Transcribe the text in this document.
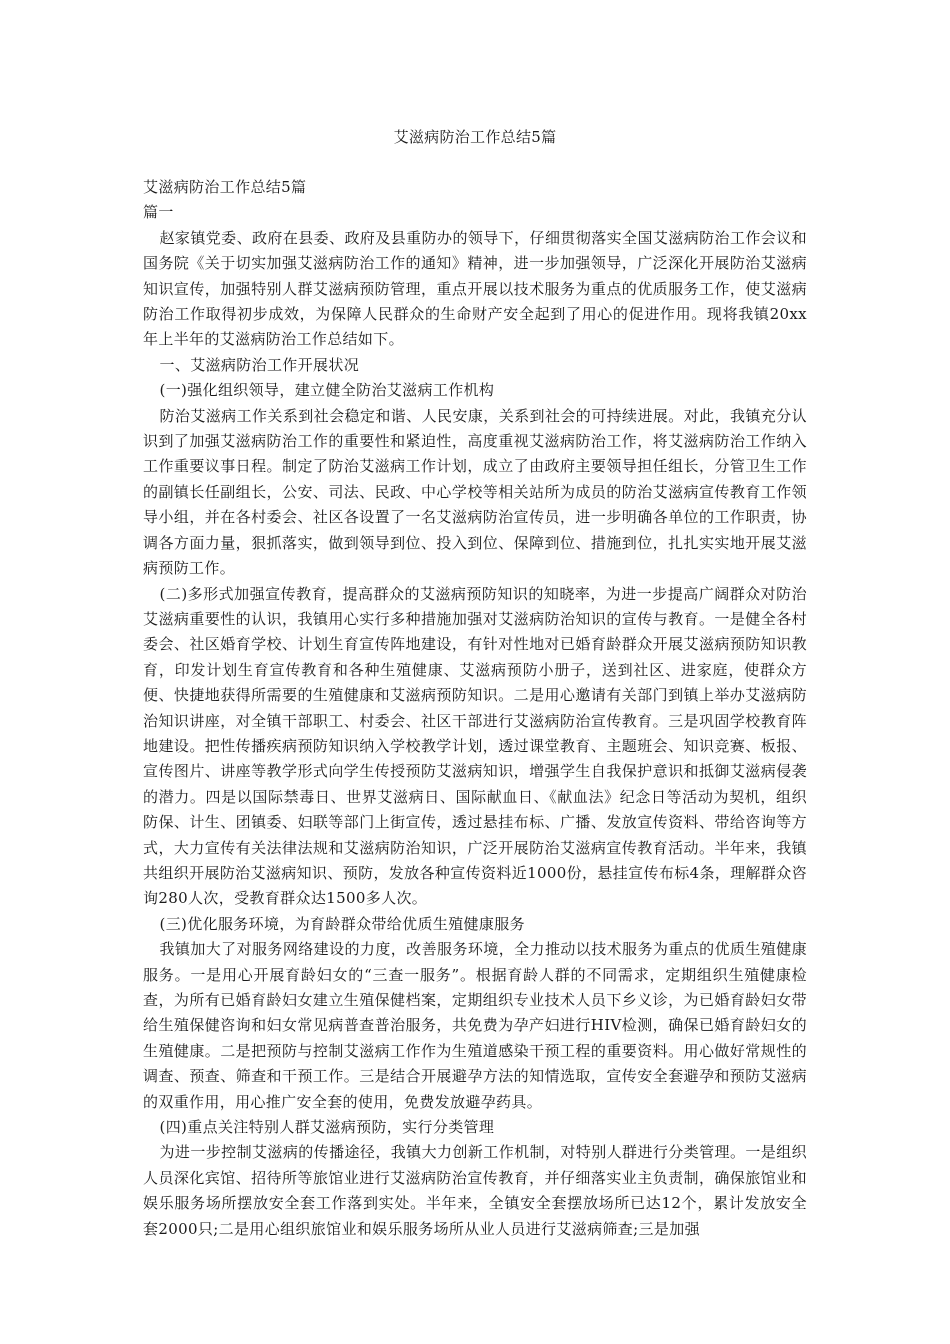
艾滋病防治工作总结5篇

艾滋病防治工作总结5篇

篇一

赵家镇党委、政府在县委、政府及县重防办的领导下，仔细贯彻落实全国艾滋病防治工作会议和国务院《关于切实加强艾滋病防治工作的通知》精神，进一步加强领导，广泛深化开展防治艾滋病知识宣传，加强特别人群艾滋病预防管理，重点开展以技术服务为重点的优质服务工作，使艾滋病防治工作取得初步成效，为保障人民群众的生命财产安全起到了用心的促进作用。现将我镇20xx年上半年的艾滋病防治工作总结如下。

一、艾滋病防治工作开展状况

(一)强化组织领导，建立健全防治艾滋病工作机构

防治艾滋病工作关系到社会稳定和谐、人民安康，关系到社会的可持续进展。对此，我镇充分认识到了加强艾滋病防治工作的重要性和紧迫性，高度重视艾滋病防治工作，将艾滋病防治工作纳入工作重要议事日程。制定了防治艾滋病工作计划，成立了由政府主要领导担任组长，分管卫生工作的副镇长任副组长，公安、司法、民政、中心学校等相关站所为成员的防治艾滋病宣传教育工作领导小组，并在各村委会、社区各设置了一名艾滋病防治宣传员，进一步明确各单位的工作职责，协调各方面力量，狠抓落实，做到领导到位、投入到位、保障到位、措施到位，扎扎实实地开展艾滋病预防工作。

(二)多形式加强宣传教育，提高群众的艾滋病预防知识的知晓率，为进一步提高广阔群众对防治艾滋病重要性的认识，我镇用心实行多种措施加强对艾滋病防治知识的宣传与教育。一是健全各村委会、社区婚育学校、计划生育宣传阵地建设，有针对性地对已婚育龄群众开展艾滋病预防知识教育，印发计划生育宣传教育和各种生殖健康、艾滋病预防小册子，送到社区、进家庭，使群众方便、快捷地获得所需要的生殖健康和艾滋病预防知识。二是用心邀请有关部门到镇上举办艾滋病防治知识讲座，对全镇干部职工、村委会、社区干部进行艾滋病防治宣传教育。三是巩固学校教育阵地建设。把性传播疾病预防知识纳入学校教学计划，透过课堂教育、主题班会、知识竞赛、板报、宣传图片、讲座等教学形式向学生传授预防艾滋病知识，增强学生自我保护意识和抵御艾滋病侵袭的潜力。四是以国际禁毒日、世界艾滋病日、国际献血日、《献血法》纪念日等活动为契机，组织防保、计生、团镇委、妇联等部门上街宣传，透过悬挂布标、广播、发放宣传资料、带给咨询等方式，大力宣传有关法律法规和艾滋病防治知识，广泛开展防治艾滋病宣传教育活动。半年来，我镇共组织开展防治艾滋病知识、预防，发放各种宣传资料近1000份，悬挂宣传布标4条，理解群众咨询280人次，受教育群众达1500多人次。

(三)优化服务环境，为育龄群众带给优质生殖健康服务

我镇加大了对服务网络建设的力度，改善服务环境，全力推动以技术服务为重点的优质生殖健康服务。一是用心开展育龄妇女的“三查一服务”。根据育龄人群的不同需求，定期组织生殖健康检查，为所有已婚育龄妇女建立生殖保健档案，定期组织专业技术人员下乡义诊，为已婚育龄妇女带给生殖保健咨询和妇女常见病普查普治服务，共免费为孕产妇进行HIV检测，确保已婚育龄妇女的生殖健康。二是把预防与控制艾滋病工作作为生殖道感染干预工程的重要资料。用心做好常规性的调查、预查、筛查和干预工作。三是结合开展避孕方法的知情选取，宣传安全套避孕和预防艾滋病的双重作用，用心推广安全套的使用，免费发放避孕药具。

(四)重点关注特别人群艾滋病预防，实行分类管理

为进一步控制艾滋病的传播途径，我镇大力创新工作机制，对特别人群进行分类管理。一是组织人员深化宾馆、招待所等旅馆业进行艾滋病防治宣传教育，并仔细落实业主负责制，确保旅馆业和娱乐服务场所摆放安全套工作落到实处。半年来，全镇安全套摆放场所已达12个，累计发放安全套2000只;二是用心组织旅馆业和娱乐服务场所从业人员进行艾滋病筛查;三是加强
